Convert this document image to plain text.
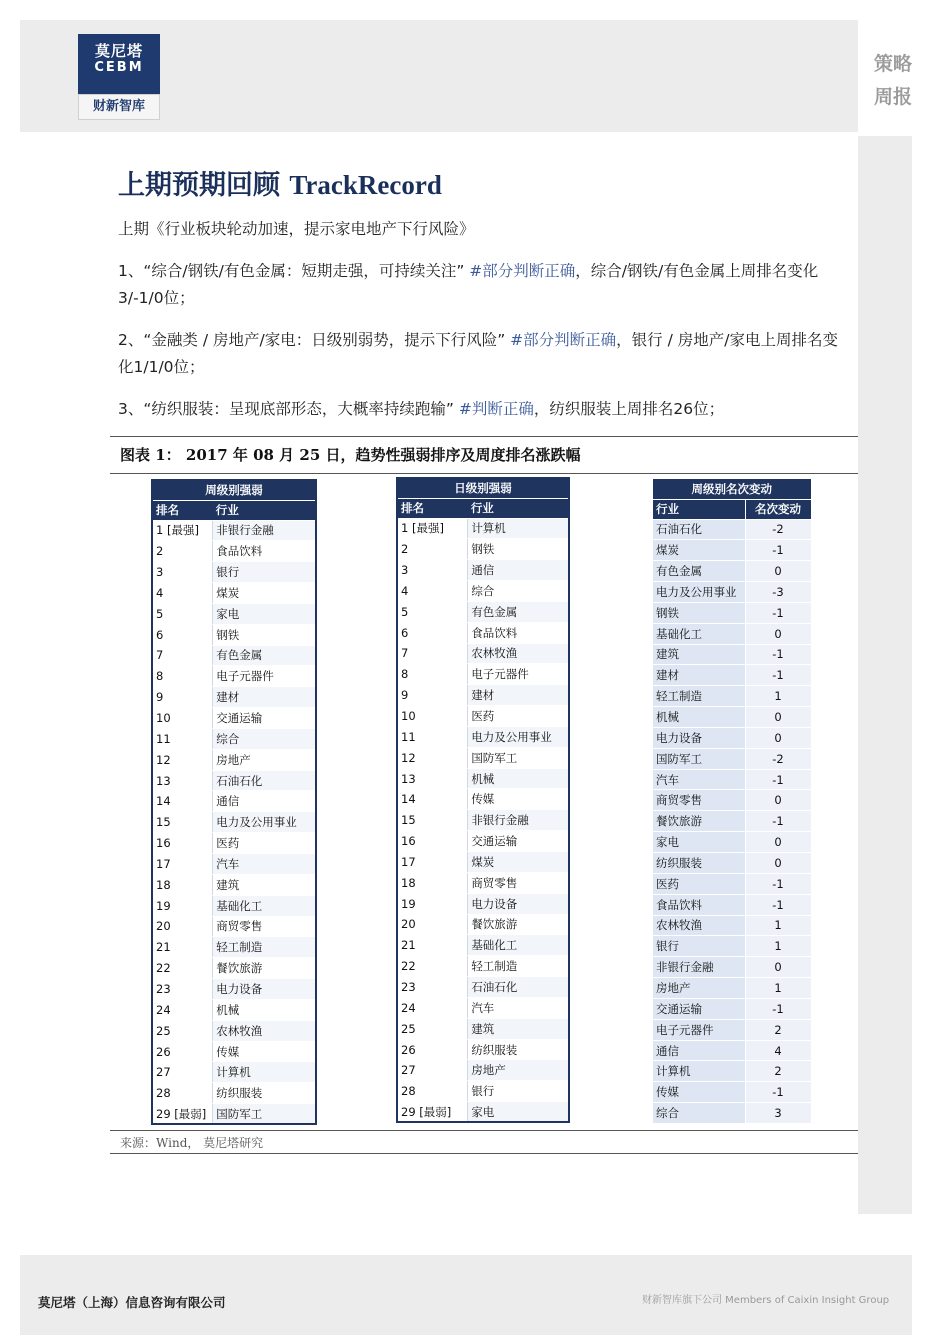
莫尼塔
CEBM
财新智库
策略
周报
上期预期回顾 TrackRecord
上期《行业板块轮动加速，提示家电地产下行风险》
1、“综合/钢铁/有色金属：短期走强，可持续关注” #部分判断正确，综合/钢铁/有色金属上周排名变化3/-1/0位；
2、“金融类 / 房地产/家电：日级别弱势，提示下行风险” #部分判断正确，银行 / 房地产/家电上周排名变化1/1/0位；
3、“纺织服装：呈现底部形态，大概率持续跑输” #判断正确，纺织服装上周排名26位；
图表 1： 2017 年 08 月 25 日，趋势性强弱排序及周度排名涨跌幅
周级别强弱	
排名	行业
1 [最强]	非银行金融
2	食品饮料
3	银行
4	煤炭
5	家电
6	钢铁
7	有色金属
8	电子元器件
9	建材
10	交通运输
11	综合
12	房地产
13	石油石化
14	通信
15	电力及公用事业
16	医药
17	汽车
18	建筑
19	基础化工
20	商贸零售
21	轻工制造
22	餐饮旅游
23	电力设备
24	机械
25	农林牧渔
26	传媒
27	计算机
28	纺织服装
29 [最弱]	国防军工
日级别强弱	
排名	行业
1 [最强]	计算机
2	钢铁
3	通信
4	综合
5	有色金属
6	食品饮料
7	农林牧渔
8	电子元器件
9	建材
10	医药
11	电力及公用事业
12	国防军工
13	机械
14	传媒
15	非银行金融
16	交通运输
17	煤炭
18	商贸零售
19	电力设备
20	餐饮旅游
21	基础化工
22	轻工制造
23	石油石化
24	汽车
25	建筑
26	纺织服装
27	房地产
28	银行
29 [最弱]	家电
周级别名次变动	
行业	名次变动
石油石化	-2
煤炭	-1
有色金属	0
电力及公用事业	-3
钢铁	-1
基础化工	0
建筑	-1
建材	-1
轻工制造	1
机械	0
电力设备	0
国防军工	-2
汽车	-1
商贸零售	0
餐饮旅游	-1
家电	0
纺织服装	0
医药	-1
食品饮料	-1
农林牧渔	1
银行	1
非银行金融	0
房地产	1
交通运输	-1
电子元器件	2
通信	4
计算机	2
传媒	-1
综合	3
来源：Wind， 莫尼塔研究
莫尼塔（上海）信息咨询有限公司	财新智库旗下公司 Members of Caixin Insight Group
